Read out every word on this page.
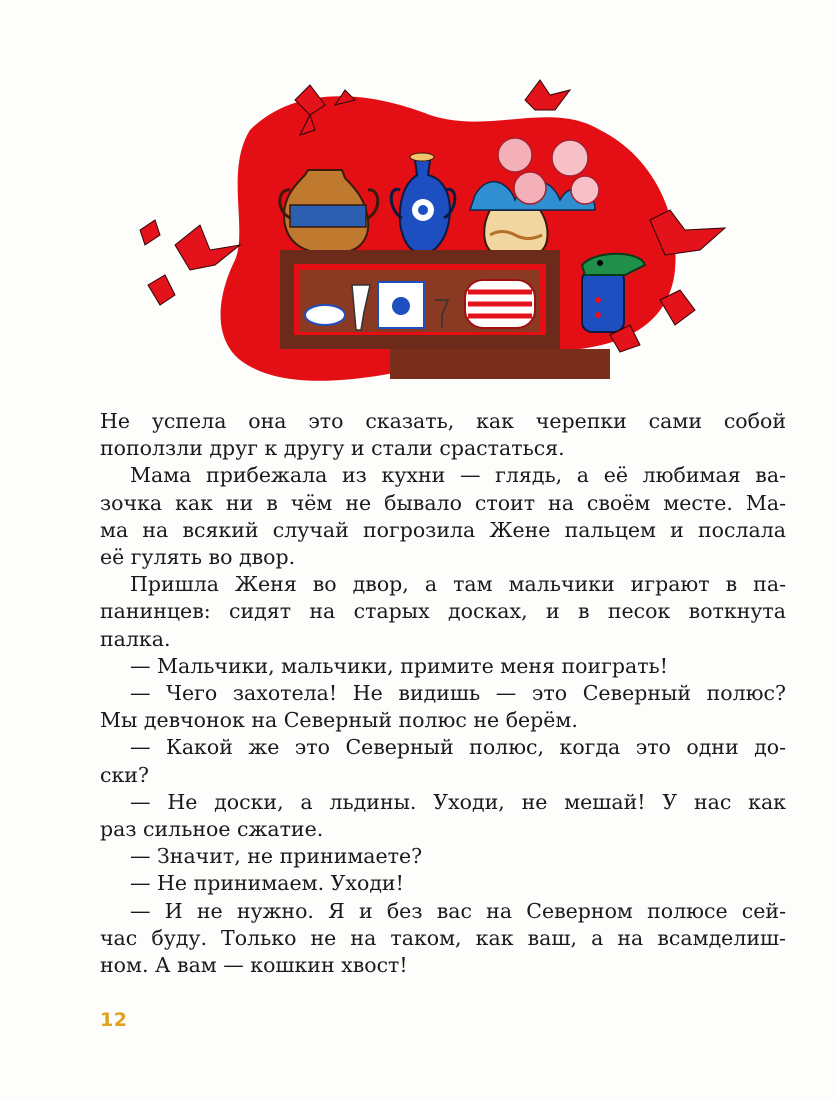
Не успела она это сказать, как черепки сами собой

поползли друг к другу и стали срастаться.

Мама прибежала из кухни — глядь, а её любимая ва-

зочка как ни в чём не бывало стоит на своём месте. Ма-

ма на всякий случай погрозила Жене пальцем и послала

её гулять во двор.

Пришла Женя во двор, а там мальчики играют в па-

панинцев: сидят на старых досках, и в песок воткнута

палка.

— Мальчики, мальчики, примите меня поиграть!

— Чего захотела! Не видишь — это Северный полюс?

Мы девчонок на Северный полюс не берём.

— Какой же это Северный полюс, когда это одни до-

ски?

— Не доски, а льдины. Уходи, не мешай! У нас как

раз сильное сжатие.

— Значит, не принимаете?

— Не принимаем. Уходи!

— И не нужно. Я и без вас на Северном полюсе сей-

час буду. Только не на таком, как ваш, а на всамделиш-

ном. А вам — кошкин хвост!

12
